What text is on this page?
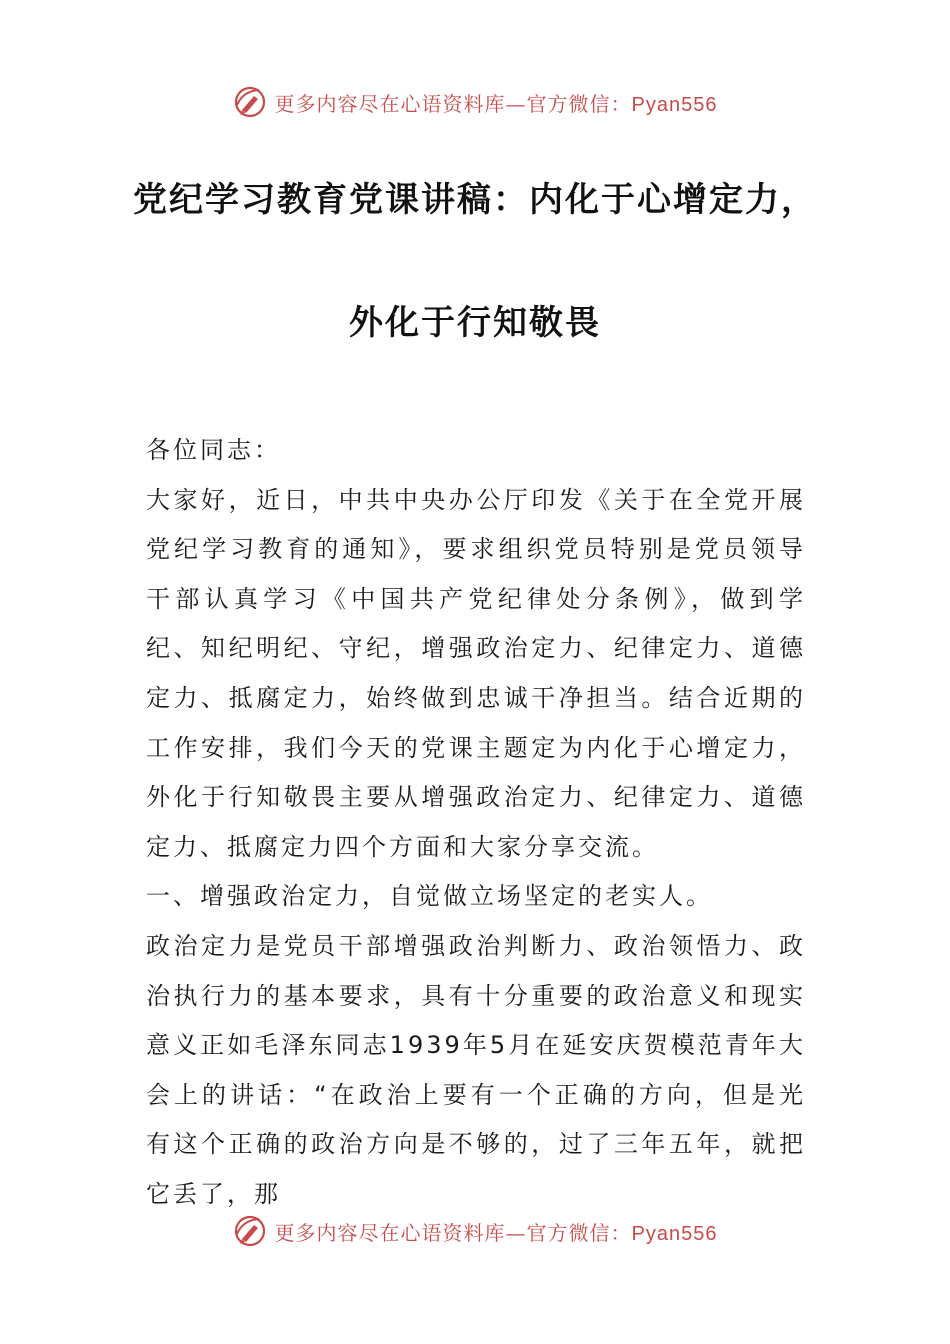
更多内容尽在心语资料库—官方微信：Pyan556
党纪学习教育党课讲稿：内化于心增定力，
外化于行知敬畏

各位同志：

大家好，近日，中共中央办公厅印发《关于在全党开展党纪学习教育的通知》，要求组织党员特别是党员领导干部认真学习《中国共产党纪律处分条例》，做到学纪、知纪明纪、守纪，增强政治定力、纪律定力、道德定力、抵腐定力，始终做到忠诚干净担当。结合近期的工作安排，我们今天的党课主题定为内化于心增定力，外化于行知敬畏主要从增强政治定力、纪律定力、道德定力、抵腐定力四个方面和大家分享交流。

一、增强政治定力，自觉做立场坚定的老实人。

政治定力是党员干部增强政治判断力、政治领悟力、政治执行力的基本要求，具有十分重要的政治意义和现实意义正如毛泽东同志1939年5月在延安庆贺模范青年大会上的讲话：“在政治上要有一个正确的方向，但是光有这个正确的政治方向是不够的，过了三年五年，就把它丢了，那

更多内容尽在心语资料库—官方微信：Pyan556
